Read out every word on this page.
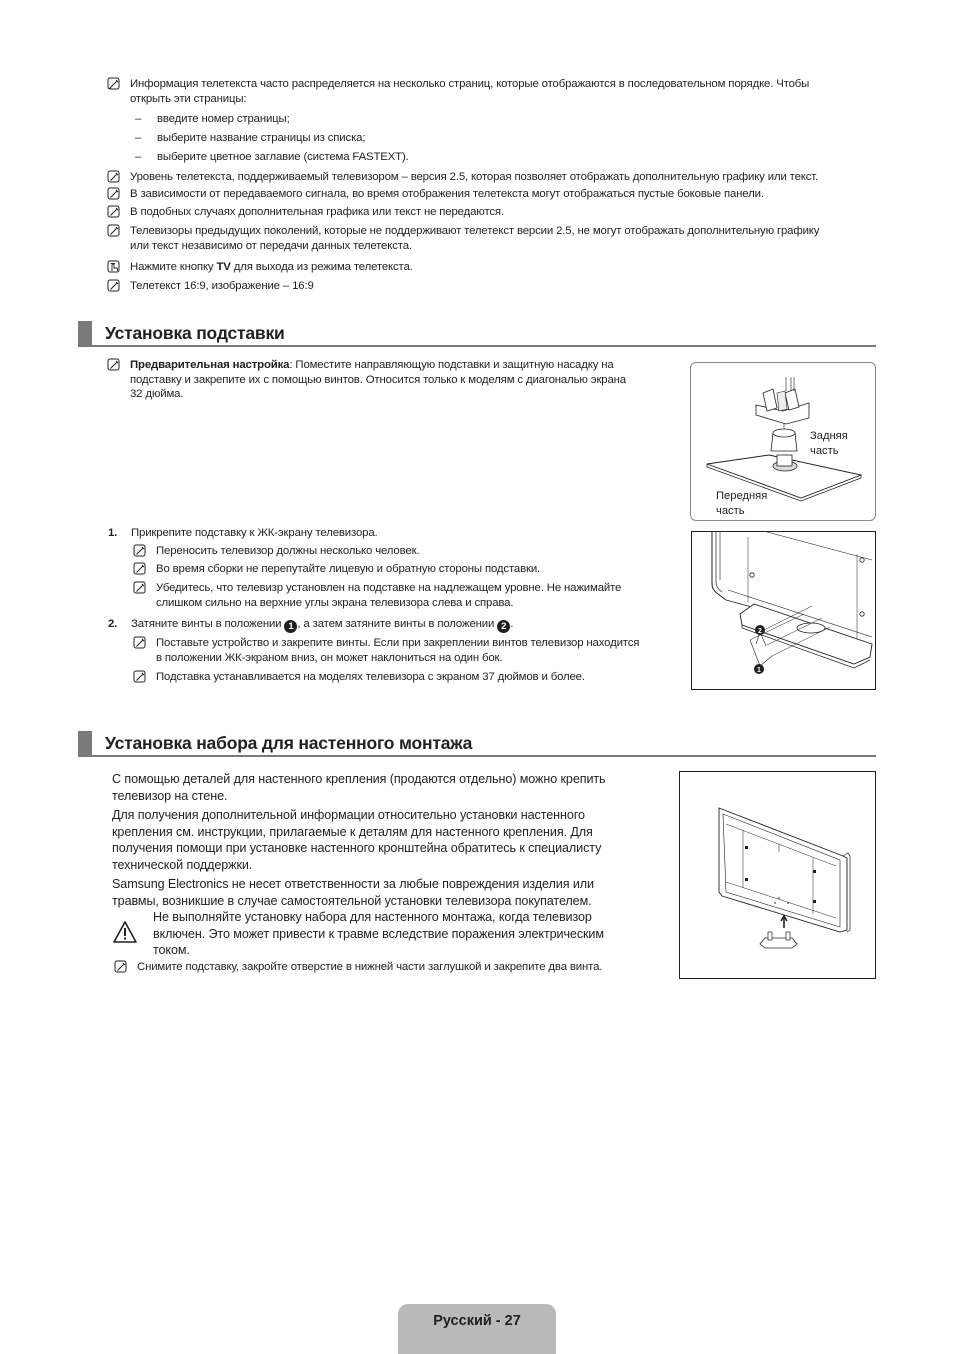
Информация телетекста часто распределяется на несколько страниц, которые отображаются в последовательном порядке. Чтобы
открыть эти страницы:
–	введите номер страницы;
–	выберите название страницы из списка;
–	выберите цветное заглавие (система FASTEXT).
Уровень телетекста, поддерживаемый телевизором – версия 2.5, которая позволяет отображать дополнительную графику или текст.
В зависимости от передаваемого сигнала, во время отображения телетекста могут отображаться пустые боковые панели.
В подобных случаях дополнительная графика или текст не передаются.
Телевизоры предыдущих поколений, которые не поддерживают телетекст версии 2.5, не могут отображать дополнительную графику
или текст независимо от передачи данных телетекста.
Нажмите кнопку TV для выхода из режима телетекста.
Телетекст 16:9, изображение – 16:9
Установка подставки
Предварительная настройка: Поместите направляющую подставки и защитную насадку на
подставку и закрепите их с помощью винтов. Относится только к моделям с диагональю экрана
32 дюйма.
Задняя
часть
Передняя
часть
1. Прикрепите подставку к ЖК-экрану телевизора.
Переносить телевизор должны несколько человек.
Во время сборки не перепутайте лицевую и обратную стороны подставки.
Убедитесь, что телевизр установлен на подставке на надлежащем уровне. Не нажимайте
слишком сильно на верхние углы экрана телевизора слева и справа.
2. Затяните винты в положении 1 , а затем затяните винты в положении 2 .
Поставьте устройство и закрепите винты. Если при закреплении винтов телевизор находится
в положении ЖК-экраном вниз, он может наклониться на один бок.
Подставка устанавливается на моделях телевизора с экраном 37 дюймов и более.
2
1
Установка набора для настенного монтажа
С помощью деталей для настенного крепления (продаются отдельно) можно крепить
телевизор на стене.
Для получения дополнительной информации относительно установки настенного
крепления см. инструкции, прилагаемые к деталям для настенного крепления. Для
получения помощи при установке настенного кронштейна обратитесь к специалисту
технической поддержки.
Samsung Electronics не несет ответственности за любые повреждения изделия или
травмы, возникшие в случае самостоятельной установки телевизора покупателем.
Не выполняйте установку набора для настенного монтажа, когда телевизор
включен. Это может привести к травме вследствие поражения электрическим
током.
Снимите подставку, закройте отверстие в нижней части заглушкой и закрепите два винта.
Русский - 27
